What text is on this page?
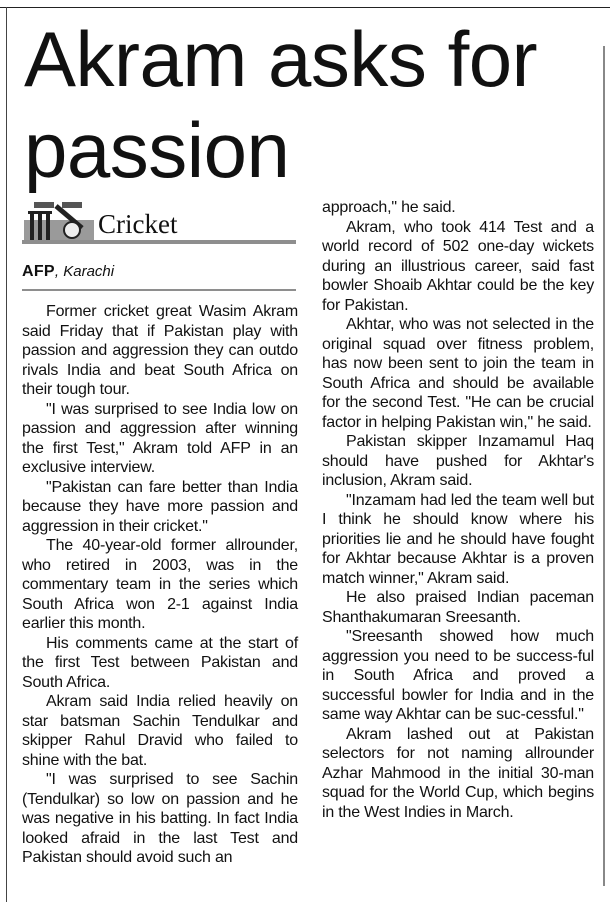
Akram asks for passion
Cricket
AFP, Karachi

Former cricket great Wasim Akram said Friday that if Pakistan play with passion and aggression they can outdo rivals India and beat South Africa on their tough tour.

"I was surprised to see India low on passion and aggression after winning the first Test," Akram told AFP in an exclusive interview.

"Pakistan can fare better than India because they have more passion and aggression in their cricket."

The 40-year-old former allrounder, who retired in 2003, was in the commentary team in the series which South Africa won 2-1 against India earlier this month.

His comments came at the start of the first Test between Pakistan and South Africa.

Akram said India relied heavily on star batsman Sachin Tendulkar and skipper Rahul Dravid who failed to shine with the bat.

"I was surprised to see Sachin (Tendulkar) so low on passion and he was negative in his batting. In fact India looked afraid in the last Test and Pakistan should avoid such an

approach," he said.

Akram, who took 414 Test and a world record of 502 one-day wickets during an illustrious career, said fast bowler Shoaib Akhtar could be the key for Pakistan.

Akhtar, who was not selected in the original squad over fitness problem, has now been sent to join the team in South Africa and should be available for the second Test. "He can be crucial factor in helping Pakistan win," he said.

Pakistan skipper Inzamamul Haq should have pushed for Akhtar's inclusion, Akram said.

"Inzamam had led the team well but I think he should know where his priorities lie and he should have fought for Akhtar because Akhtar is a proven match winner," Akram said.

He also praised Indian paceman Shanthakumaran Sreesanth.

"Sreesanth showed how much aggression you need to be success-ful in South Africa and proved a successful bowler for India and in the same way Akhtar can be suc-cessful."

Akram lashed out at Pakistan selectors for not naming allrounder Azhar Mahmood in the initial 30-man squad for the World Cup, which begins in the West Indies in March.
